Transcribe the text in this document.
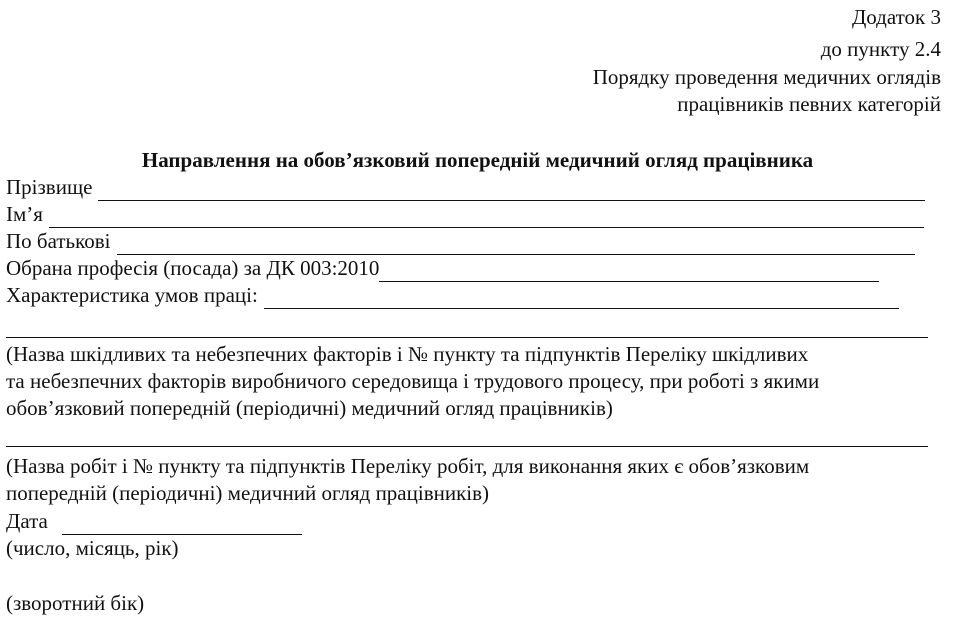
Додаток 3
до пункту 2.4
Порядку проведення медичних оглядів
працівників певних категорій
Направлення на обов’язковий попередній медичний огляд працівника
Прізвище
Ім’я
По батькові
Обрана професія (посада) за ДК 003:2010
Характеристика умов праці:
(Назва шкідливих та небезпечних факторів і № пункту та підпунктів Переліку шкідливих
та небезпечних факторів виробничого середовища і трудового процесу, при роботі з якими
обов’язковий попередній (періодичні) медичний огляд працівників)
(Назва робіт і № пункту та підпунктів Переліку робіт, для виконання яких є обов’язковим
попередній (періодичні) медичний огляд працівників)
Дата
(число, місяць, рік)
(зворотний бік)
